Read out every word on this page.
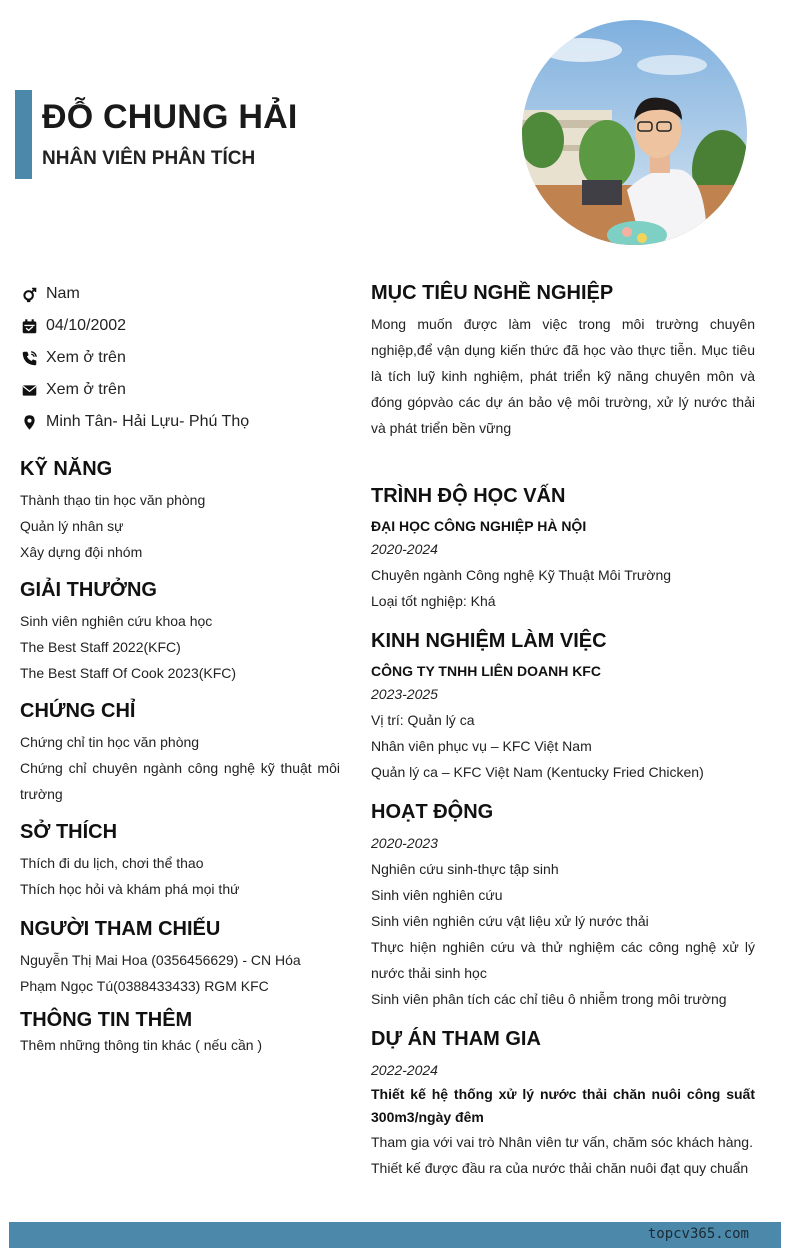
ĐỖ CHUNG HẢI
NHÂN VIÊN PHÂN TÍCH
Nam
04/10/2002
Xem ở trên
Xem ở trên
Minh Tân- Hải Lựu- Phú Thọ
KỸ NĂNG
Thành thạo tin học văn phòng
Quản lý nhân sự
Xây dựng đội nhóm
GIẢI THƯỞNG
Sinh viên nghiên cứu khoa học
The Best Staff 2022(KFC)
The Best Staff Of Cook 2023(KFC)
CHỨNG CHỈ
Chứng chỉ tin học văn phòng
Chứng chỉ chuyên ngành công nghệ kỹ thuật môi trường
SỞ THÍCH
Thích đi du lịch, chơi thể thao
Thích học hỏi và khám phá mọi thứ
NGƯỜI THAM CHIẾU
Nguyễn Thị Mai Hoa (0356456629) - CN Hóa
Phạm Ngọc Tú(0388433433) RGM KFC
THÔNG TIN THÊM
Thêm những thông tin khác ( nếu cần )
MỤC TIÊU NGHỀ NGHIỆP
Mong muốn được làm việc trong môi trường chuyên nghiệp,để vận dụng kiến thức đã học vào thực tiễn. Mục tiêu là tích luỹ kinh nghiệm, phát triển kỹ năng chuyên môn và đóng gópvào các dự án bảo vệ môi trường, xử lý nước thải và phát triển bền vững
TRÌNH ĐỘ HỌC VẤN
ĐẠI HỌC CÔNG NGHIỆP HÀ NỘI
2020-2024
Chuyên ngành Công nghệ Kỹ Thuật Môi Trường
Loại tốt nghiệp: Khá
KINH NGHIỆM LÀM VIỆC
CÔNG TY TNHH LIÊN DOANH KFC
2023-2025
Vị trí: Quản lý ca
Nhân viên phục vụ – KFC Việt Nam
Quản lý ca – KFC Việt Nam (Kentucky Fried Chicken)
HOẠT ĐỘNG
2020-2023
Nghiên cứu sinh-thực tập sinh
Sinh viên nghiên cứu
Sinh viên nghiên cứu vật liệu xử lý nước thải
Thực hiện nghiên cứu và thử nghiệm các công nghệ xử lý nước thải sinh học
Sinh viên phân tích các chỉ tiêu ô nhiễm trong môi trường
DỰ ÁN THAM GIA
2022-2024
Thiết kế hệ thống xử lý nước thải chăn nuôi công suất 300m3/ngày đêm
Tham gia với vai trò Nhân viên tư vấn, chăm sóc khách hàng.
Thiết kế được đầu ra của nước thải chăn nuôi đạt quy chuẩn
topcv365.com
